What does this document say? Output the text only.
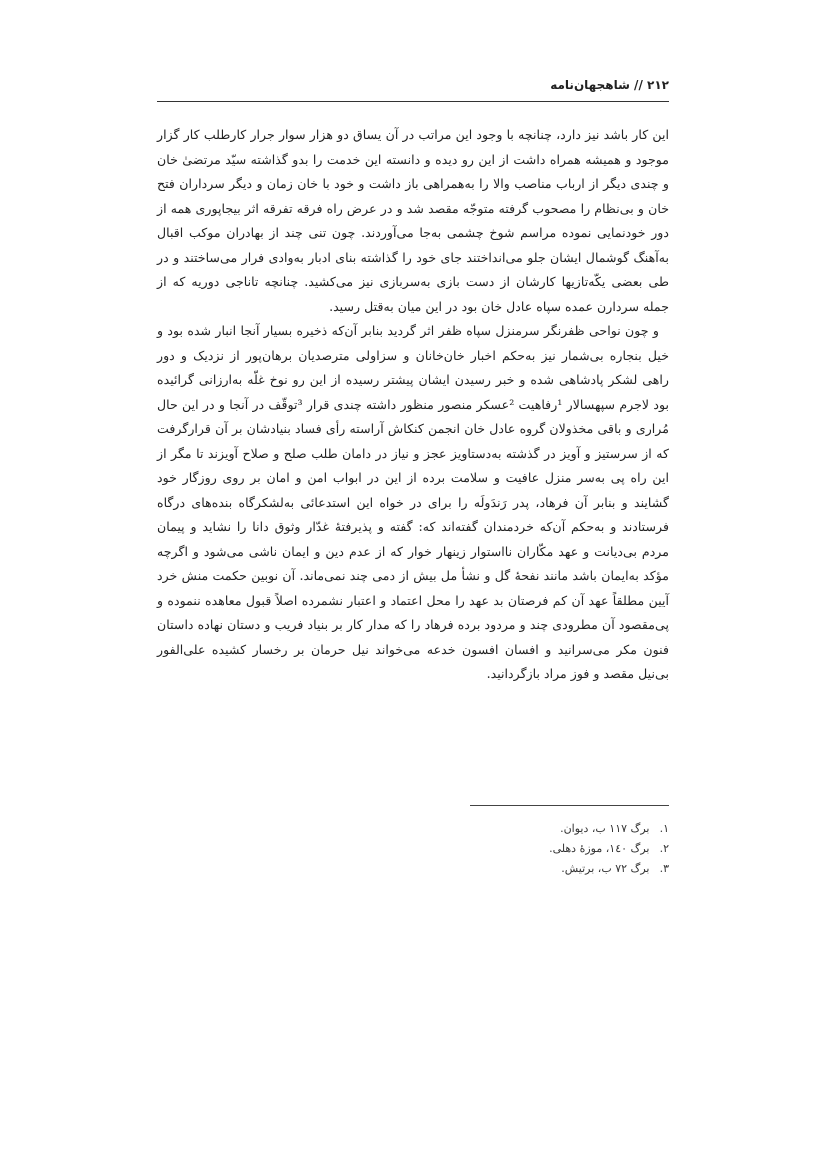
۲۱۲ // شاهجهان‌نامه

این کار باشد نیز دارد، چنانچه با وجود این مراتب در آن یساق دو هزار سوار جرار کارطلب کار گزار موجود و همیشه همراه داشت از این رو دیده و دانسته این خدمت را بدو گذاشته سیّد مرتضیٰ خان و چندی دیگر از ارباب مناصب والا را به‌همراهی باز داشت و خود با خان زمان و دیگر سرداران فتح خان و بی‌نظام را مصحوب گرفته متوجّه مقصد شد و در عرض راه فرقه تفرقه اثر بیجاپوری همه از دور خودنمایی نموده مراسم شوخ چشمی به‌جا می‌آوردند. چون تنی چند از بهادران موکب اقبال به‌آهنگ گوشمال ایشان جلو می‌انداختند جای خود را گذاشته بنای ادبار به‌وادی فرار می‌ساختند و در طی بعضی یکّه‌تازیها کارشان از دست بازی به‌سربازی نیز می‌کشید. چنانچه تاناجی دوریه که از جمله سردارن عمده سپاه عادل خان بود در این میان به‌قتل رسید.

و چون نواحی ظفرنگر سرمنزل سپاه ظفر اثر گردید بنابر آن‌که ذخیره بسیار آنجا انبار شده بود و خیل بنجاره بی‌شمار نیز به‌حکم اخبار خان‌خانان و سزاولی مترصدیان برهان‌پور از نزدیک و دور راهی لشکر پادشاهی شده و خبر رسیدن ایشان پیشتر رسیده از این رو نوخ غلّه به‌ارزانی گرائیده بود لاجرم سپهسالار ¹رفاهیت ²عسکر منصور منظور داشته چندی قرار ³توقّف در آنجا و در این حال مُراری و باقی مخذولان گروه عادل خان انجمن کنکاش آراسته رأی فساد بنیادشان بر آن قرارگرفت که از سرستیز و آویز در گذشته به‌دستاویز عجز و نیاز در دامان طلب صلح و صلاح آویزند تا مگر از این راه پی به‌سر منزل عافیت و سلامت برده از این در ابواب امن و امان بر روی روزگار خود گشایند و بنابر آن فرهاد، پدر رَندَولَه را برای در خواه این استدعائی به‌لشکرگاه بنده‌های درگاه فرستادند و به‌حکم آن‌که خردمندان گفته‌اند که: گفته و پذیرفتهٔ غدّار وثوق دانا را نشاید و پیمان مردم بی‌دیانت و عهد مکّاران نااستوار زینهار خوار که از عدم دین و ایمان ناشی می‌شود و اگرچه مؤکد به‌ایمان باشد مانند نفحهٔ گل و نشأ مل بیش از دمی چند نمی‌ماند. آن نوبین حکمت منش خرد آیین مطلقاً عهد آن کم فرصتان بد عهد را محل اعتماد و اعتبار نشمرده اصلاً قبول معاهده ننموده و پی‌مقصود آن مطرودی چند و مردود برده فرهاد را که مدار کار بر بنیاد فریب و دستان نهاده داستان فنون مکر می‌سرانید و افسان افسون خدعه می‌خواند نیل حرمان بر رخسار کشیده علی‌الفور بی‌نیل مقصد و فوز مراد بازگردانید.

۱. برگ ۱۱۷ ب، دیوان.
۲. برگ ۱٤۰، موزهٔ دهلی.
۳. برگ ۷۲ ب، برتیش.
